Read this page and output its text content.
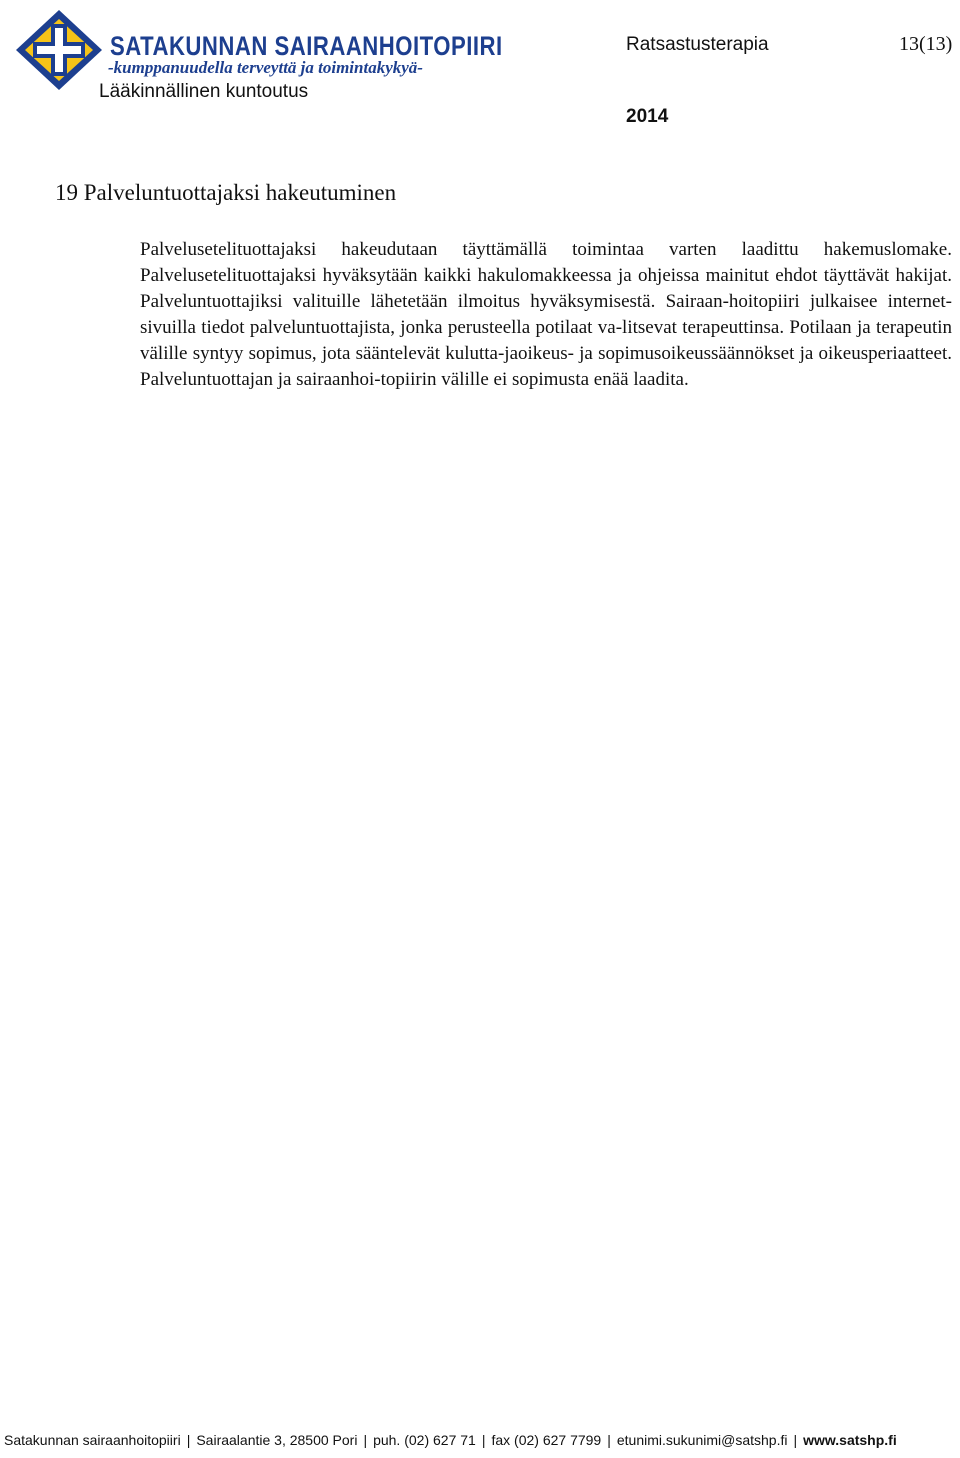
SATAKUNNAN SAIRAANHOITOPIIRI
-kumppanuudella terveyttä ja toimintakykyä-
Lääkinnällinen kuntoutus
Ratsastusterapia	13(13)
2014
19 Palveluntuottajaksi hakeutuminen
Palvelusetelituottajaksi hakeudutaan täyttämällä toimintaa varten laadittu hakemuslomake. Palvelusetelituottajaksi hyväksytään kaikki hakulomakkeessa ja ohjeissa mainitut ehdot täyttävät hakijat. Palveluntuottajiksi valituille lähetetään ilmoitus hyväksymisestä. Sairaan-hoitopiiri julkaisee internet-sivuilla tiedot palveluntuottajista, jonka perusteella potilaat va-litsevat terapeuttinsa. Potilaan ja terapeutin välille syntyy sopimus, jota sääntelevät kulutta-jaoikeus- ja sopimusoikeussäännökset ja oikeusperiaatteet. Palveluntuottajan ja sairaanhoi-topiirin välille ei sopimusta enää laadita.
Satakunnan sairaanhoitopiiri | Sairaalantie 3, 28500 Pori | puh. (02) 627 71 | fax (02) 627 7799 | etunimi.sukunimi@satshp.fi | www.satshp.fi
